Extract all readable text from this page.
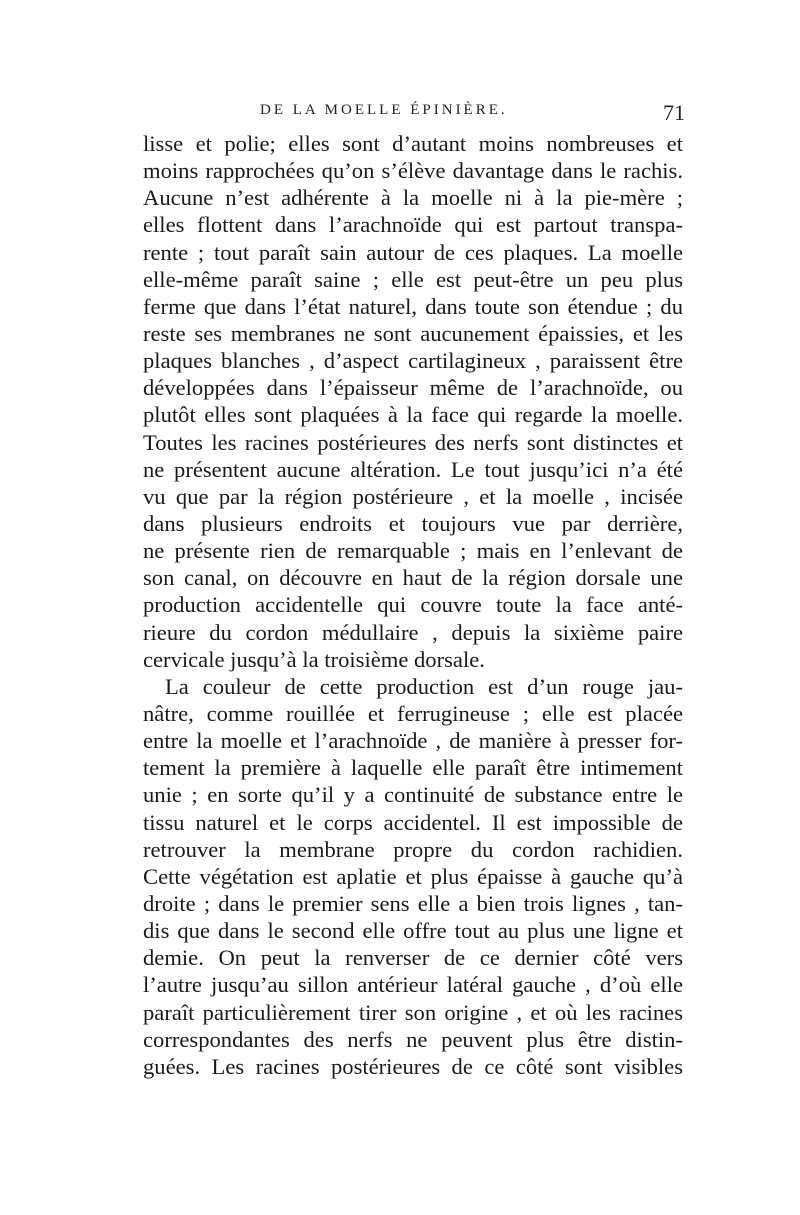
DE LA MOELLE ÉPINIÈRE.	71
lisse et polie; elles sont d’autant moins nombreuses et
moins rapprochées qu’on s’élève davantage dans le rachis.
Aucune n’est adhérente à la moelle ni à la pie-mère ;
elles flottent dans l’arachnoïde qui est partout transpa-
rente ; tout paraît sain autour de ces plaques. La moelle
elle-même paraît saine ; elle est peut-être un peu plus
ferme que dans l’état naturel, dans toute son étendue ; du
reste ses membranes ne sont aucunement épaissies, et les
plaques blanches , d’aspect cartilagineux , paraissent être
développées dans l’épaisseur même de l’arachnoïde, ou
plutôt elles sont plaquées à la face qui regarde la moelle.
Toutes les racines postérieures des nerfs sont distinctes et
ne présentent aucune altération. Le tout jusqu’ici n’a été
vu que par la région postérieure , et la moelle , incisée
dans plusieurs endroits et toujours vue par derrière,
ne présente rien de remarquable ; mais en l’enlevant de
son canal, on découvre en haut de la région dorsale une
production accidentelle qui couvre toute la face anté-
rieure du cordon médullaire , depuis la sixième paire
cervicale jusqu’à la troisième dorsale.
La couleur de cette production est d’un rouge jau-
nâtre, comme rouillée et ferrugineuse ; elle est placée
entre la moelle et l’arachnoïde , de manière à presser for-
tement la première à laquelle elle paraît être intimement
unie ; en sorte qu’il y a continuité de substance entre le
tissu naturel et le corps accidentel. Il est impossible de
retrouver la membrane propre du cordon rachidien.
Cette végétation est aplatie et plus épaisse à gauche qu’à
droite ; dans le premier sens elle a bien trois lignes , tan-
dis que dans le second elle offre tout au plus une ligne et
demie. On peut la renverser de ce dernier côté vers
l’autre jusqu’au sillon antérieur latéral gauche , d’où elle
paraît particulièrement tirer son origine , et où les racines
correspondantes des nerfs ne peuvent plus être distin-
guées. Les racines postérieures de ce côté sont visibles
